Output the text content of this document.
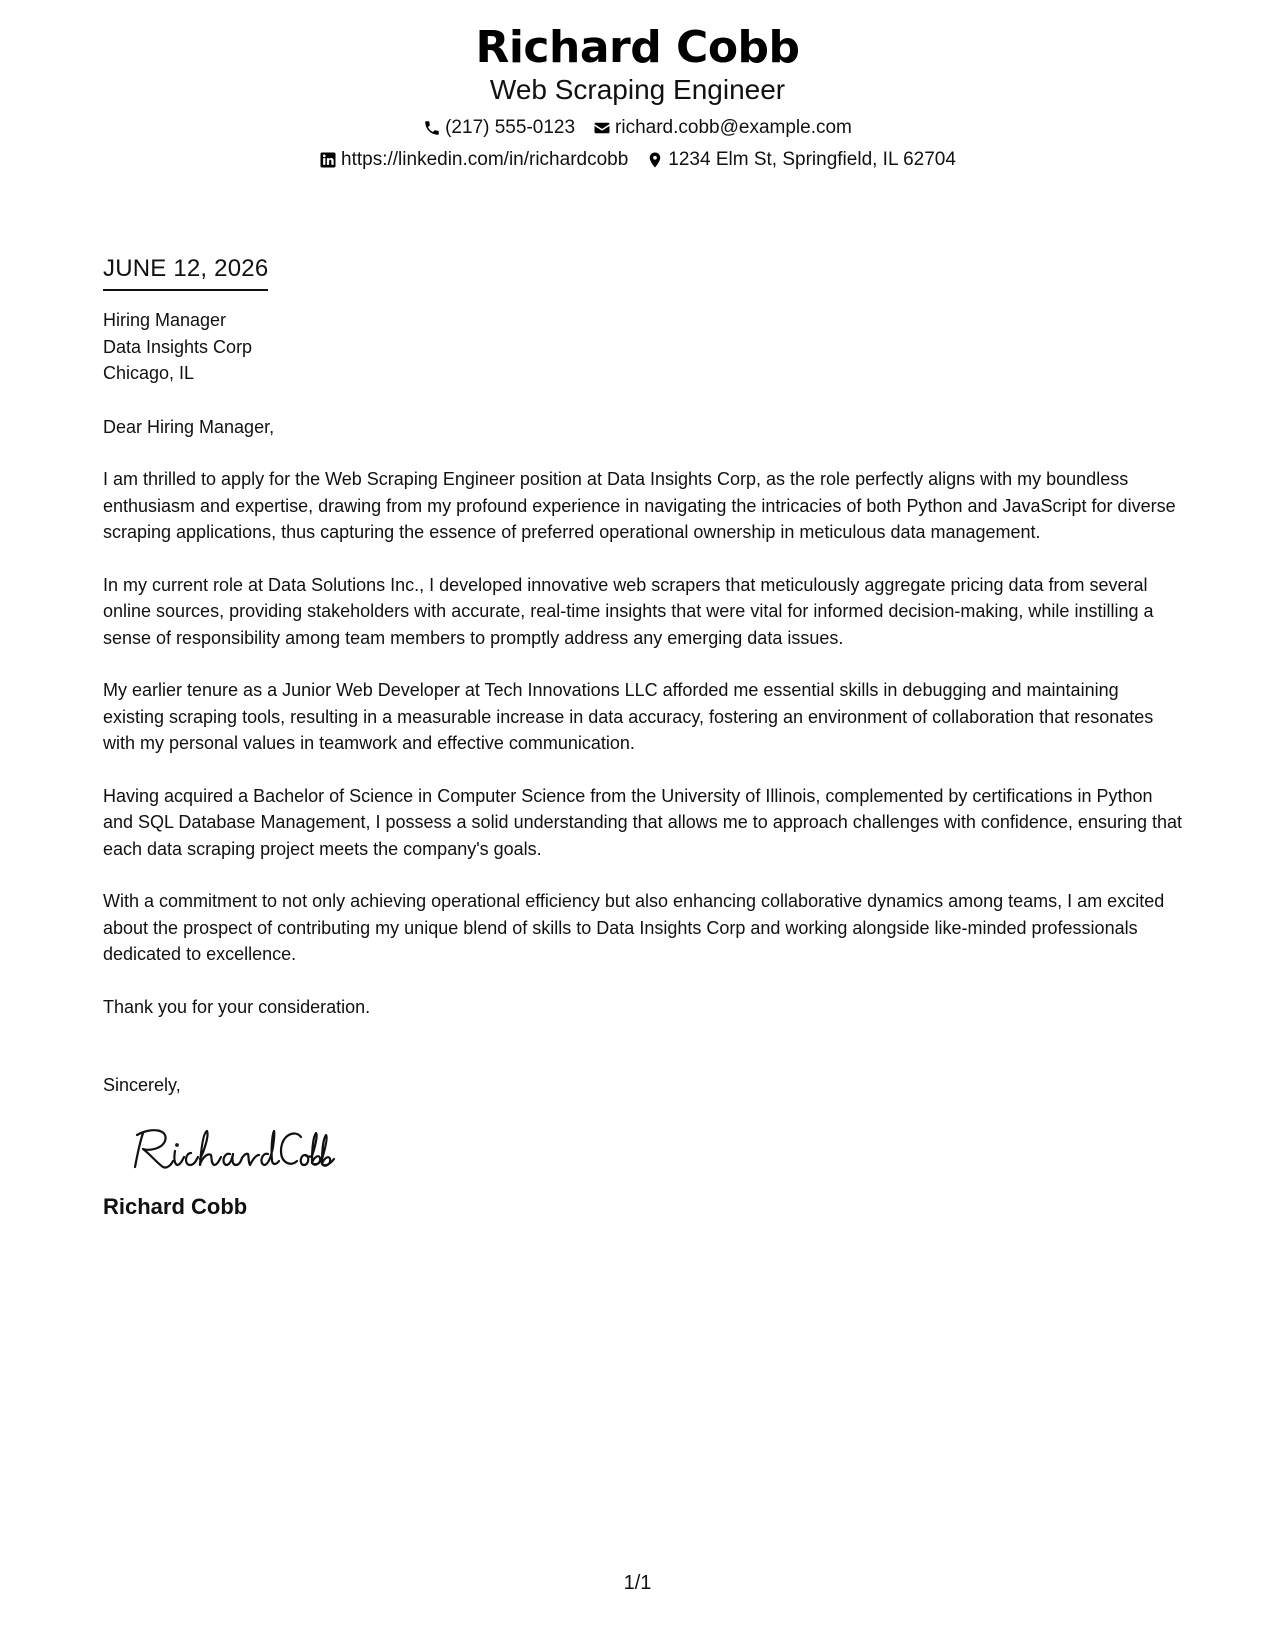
Richard Cobb
Web Scraping Engineer
(217) 555-0123 richard.cobb@example.com
https://linkedin.com/in/richardcobb 1234 Elm St, Springfield, IL 62704
JUNE 12, 2026
Hiring Manager
Data Insights Corp
Chicago, IL
Dear Hiring Manager,
I am thrilled to apply for the Web Scraping Engineer position at Data Insights Corp, as the role perfectly aligns with my boundless enthusiasm and expertise, drawing from my profound experience in navigating the intricacies of both Python and JavaScript for diverse scraping applications, thus capturing the essence of preferred operational ownership in meticulous data management.
In my current role at Data Solutions Inc., I developed innovative web scrapers that meticulously aggregate pricing data from several online sources, providing stakeholders with accurate, real-time insights that were vital for informed decision-making, while instilling a sense of responsibility among team members to promptly address any emerging data issues.
My earlier tenure as a Junior Web Developer at Tech Innovations LLC afforded me essential skills in debugging and maintaining existing scraping tools, resulting in a measurable increase in data accuracy, fostering an environment of collaboration that resonates with my personal values in teamwork and effective communication.
Having acquired a Bachelor of Science in Computer Science from the University of Illinois, complemented by certifications in Python and SQL Database Management, I possess a solid understanding that allows me to approach challenges with confidence, ensuring that each data scraping project meets the company's goals.
With a commitment to not only achieving operational efficiency but also enhancing collaborative dynamics among teams, I am excited about the prospect of contributing my unique blend of skills to Data Insights Corp and working alongside like-minded professionals dedicated to excellence.
Thank you for your consideration.
Sincerely,
Richard Cobb
1/1
